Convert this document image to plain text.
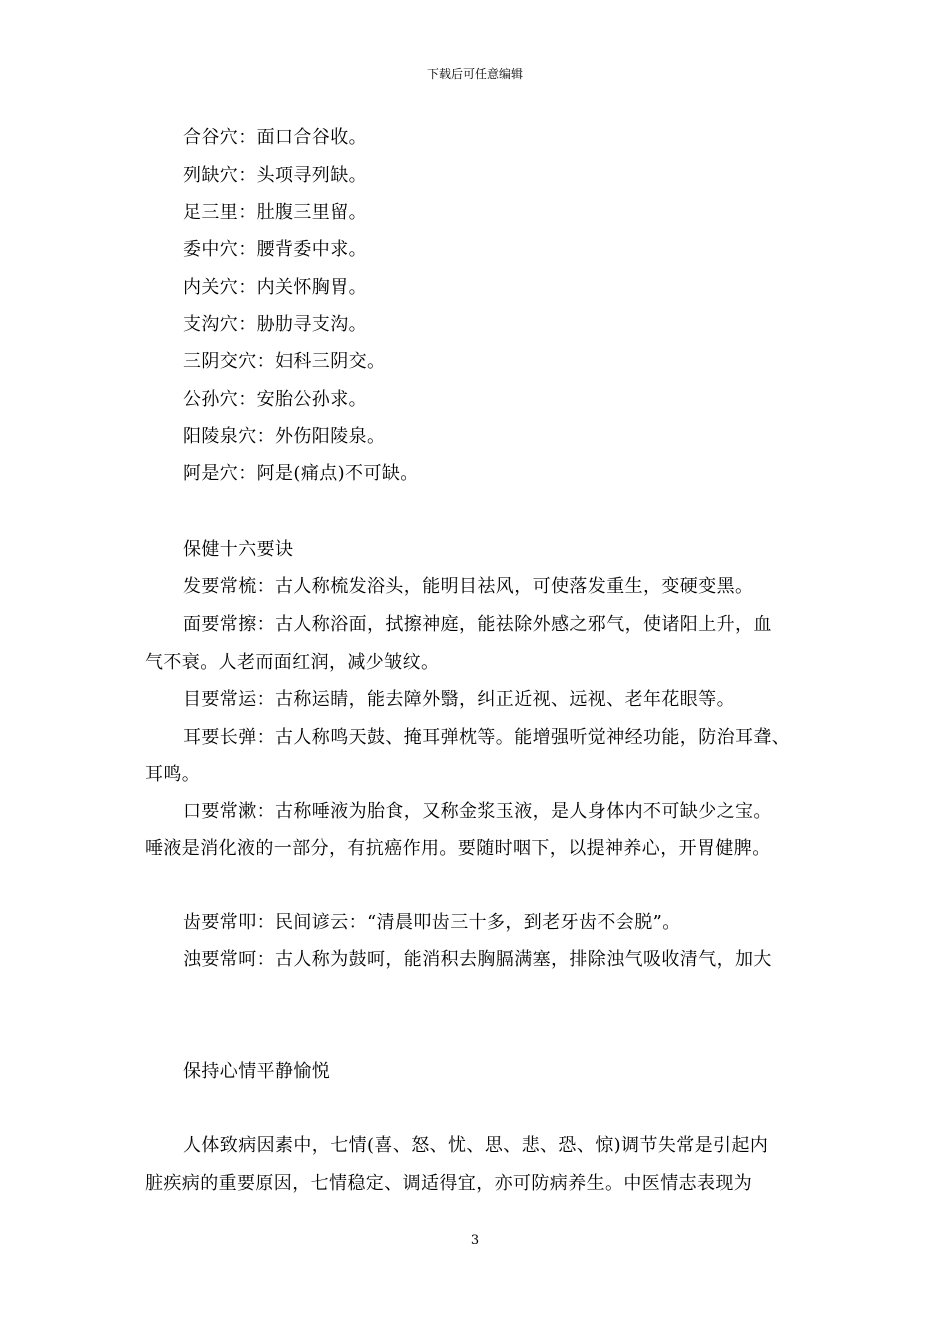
下载后可任意编辑
合谷穴：面口合谷收。
列缺穴：头项寻列缺。
足三里：肚腹三里留。
委中穴：腰背委中求。
内关穴：内关怀胸胃。
支沟穴：胁肋寻支沟。
三阴交穴：妇科三阴交。
公孙穴：安胎公孙求。
阳陵泉穴：外伤阳陵泉。
阿是穴：阿是(痛点)不可缺。
保健十六要诀
发要常梳：古人称梳发浴头，能明目祛风，可使落发重生，变硬变黑。
面要常擦：古人称浴面，拭擦神庭，能祛除外感之邪气，使诸阳上升，血
气不衰。人老而面红润，减少皱纹。
目要常运：古称运睛，能去障外翳，纠正近视、远视、老年花眼等。
耳要长弹：古人称鸣天鼓、掩耳弹枕等。能增强听觉神经功能，防治耳聋、
耳鸣。
口要常漱：古称唾液为胎食，又称金浆玉液，是人身体内不可缺少之宝。
唾液是消化液的一部分，有抗癌作用。要随时咽下，以提神养心，开胃健脾。
齿要常叩：民间谚云：“清晨叩齿三十多，到老牙齿不会脱”。
浊要常呵：古人称为鼓呵，能消积去胸膈满塞，排除浊气吸收清气，加大
保持心情平静愉悦
人体致病因素中，七情(喜、怒、忧、思、悲、恐、惊)调节失常是引起内
脏疾病的重要原因，七情稳定、调适得宜，亦可防病养生。中医情志表现为
3
